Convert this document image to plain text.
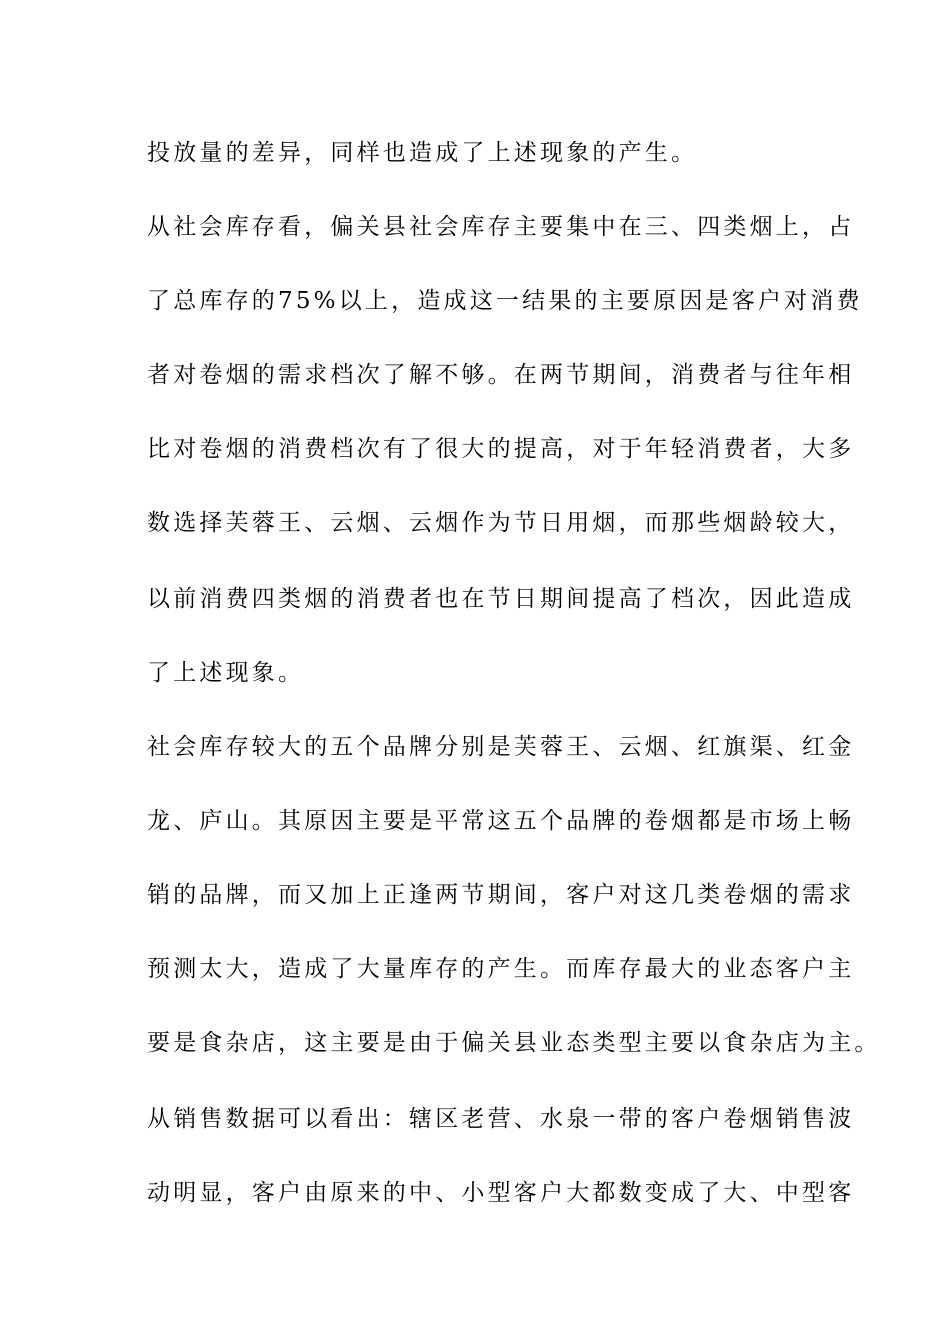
投放量的差异，同样也造成了上述现象的产生。
从社会库存看，偏关县社会库存主要集中在三、四类烟上，占
了总库存的75%以上，造成这一结果的主要原因是客户对消费
者对卷烟的需求档次了解不够。在两节期间，消费者与往年相
比对卷烟的消费档次有了很大的提高，对于年轻消费者，大多
数选择芙蓉王、云烟、云烟作为节日用烟，而那些烟龄较大，
以前消费四类烟的消费者也在节日期间提高了档次，因此造成
了上述现象。
社会库存较大的五个品牌分别是芙蓉王、云烟、红旗渠、红金
龙、庐山。其原因主要是平常这五个品牌的卷烟都是市场上畅
销的品牌，而又加上正逢两节期间，客户对这几类卷烟的需求
预测太大，造成了大量库存的产生。而库存最大的业态客户主
要是食杂店，这主要是由于偏关县业态类型主要以食杂店为主。
从销售数据可以看出：辖区老营、水泉一带的客户卷烟销售波
动明显，客户由原来的中、小型客户大都数变成了大、中型客
